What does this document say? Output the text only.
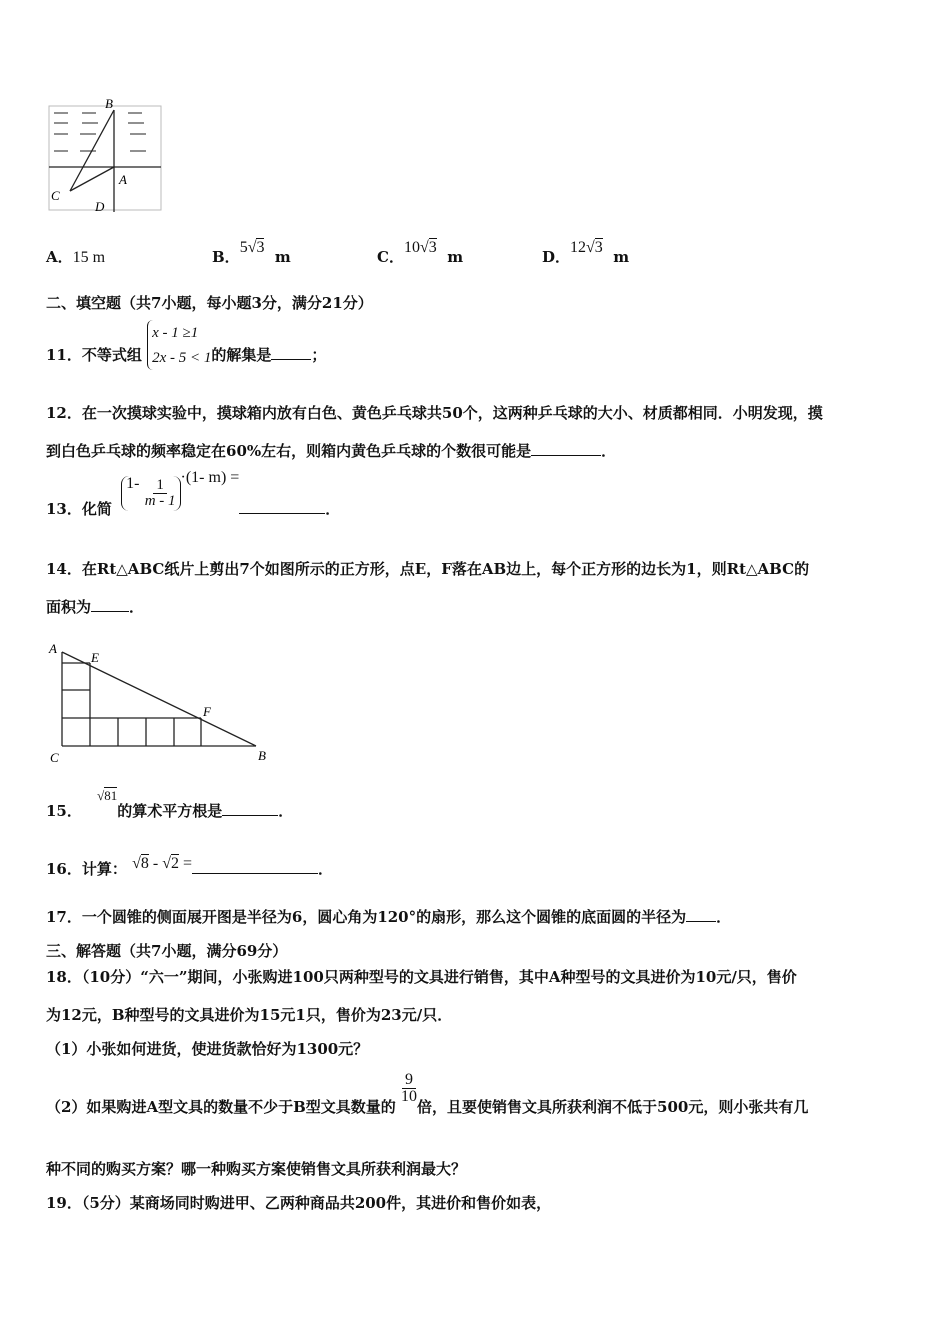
B
A
C
D
A．15 m	B．5√3  m	C．10√3  m	D．12√3  m
二、填空题（共7小题，每小题3分，满分21分）
11．不等式组
x - 1 ≥1
2x - 5 < 1 的解集是	；
12．在一次摸球实验中，摸球箱内放有白色、黄色乒乓球共50个，这两种乒乓球的大小、材质都相同．小明发现，摸
到白色乒乓球的频率稳定在60%左右，则箱内黄色乒乓球的个数很可能是	．
13．化简 $1- \frac{1}{m - 1}$
·(1- m) =．
14．在Rt△ABC纸片上剪出7个如图所示的正方形，点E，F落在AB边上，每个正方形的边长为1，则Rt△ABC的
面积为	．
A
E
F
C	B
15． √81的算术平方根是	．
16．计算： √8 - √2 =	．
17．一个圆锥的侧面展开图是半径为6，圆心角为120°的扇形，那么这个圆锥的底面圆的半径为 ．
三、解答题（共7小题，满分69分）
18．（10分）“六一”期间，小张购进100只两种型号的文具进行销售，其中A种型号的文具进价为10元/只，售价
为12元，B种型号的文具进价为15元1只，售价为23元/只．
（1）小张如何进货，使进货款恰好为1300元？
（2）如果购进A型文具的数量不少于B型文具数量的
$\frac{9}{10}$
倍，且要使销售文具所获利润不低于500元，则小张共有几
种不同的购买方案？哪一种购买方案使销售文具所获利润最大？
19．（5分）某商场同时购进甲、乙两种商品共200件，其进价和售价如表，
